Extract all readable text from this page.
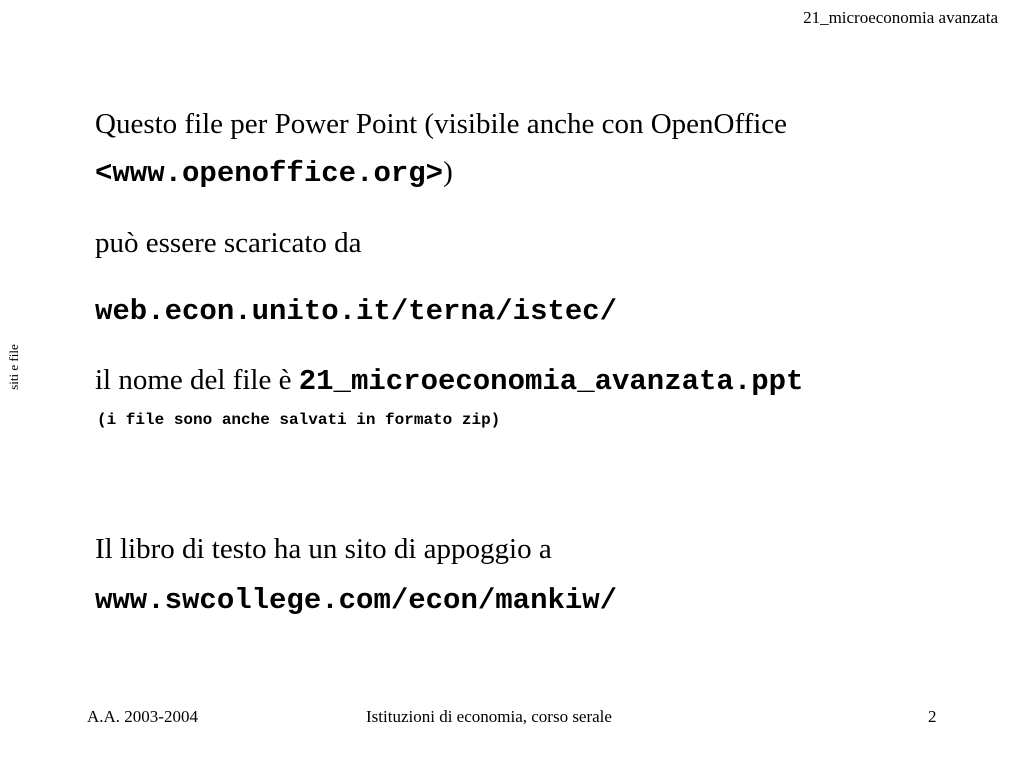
21_microeconomia avanzata
siti e file
Questo file per Power Point (visibile anche con OpenOffice
<www.openoffice.org>)
può essere scaricato da
web.econ.unito.it/terna/istec/
il nome del file è 21_microeconomia_avanzata.ppt
(i file sono anche salvati in formato zip)
Il libro di testo ha un sito di appoggio a
www.swcollege.com/econ/mankiw/
A.A. 2003-2004	Istituzioni di economia, corso serale	2
